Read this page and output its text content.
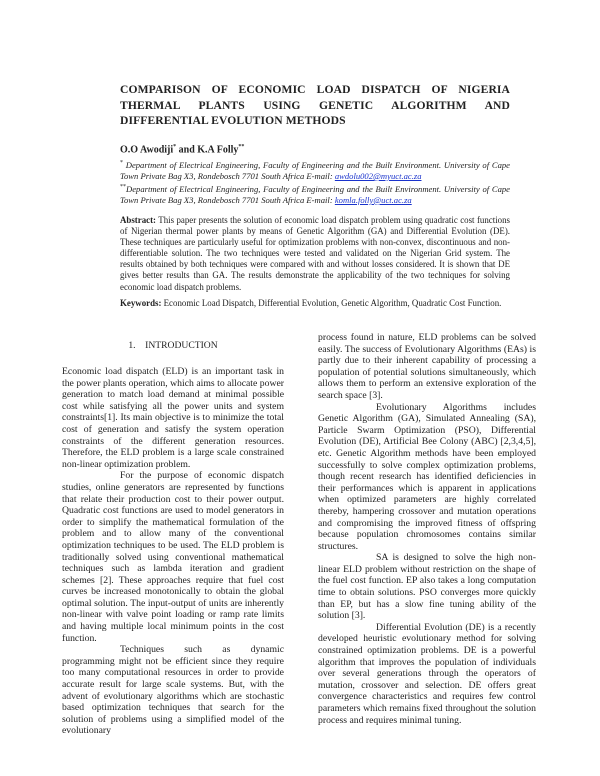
COMPARISON OF ECONOMIC LOAD DISPATCH OF NIGERIA THERMAL PLANTS USING GENETIC ALGORITHM AND DIFFERENTIAL EVOLUTION METHODS
O.O Awodiji* and K.A Folly**
* Department of Electrical Engineering, Faculty of Engineering and the Built Environment. University of Cape Town Private Bag X3, Rondebosch 7701 South Africa E-mail: awdolu002@myuct.ac.za
**Department of Electrical Engineering, Faculty of Engineering and the Built Environment. University of Cape Town Private Bag X3, Rondebosch 7701 South Africa E-mail: komla.folly@uct.ac.za
Abstract: This paper presents the solution of economic load dispatch problem using quadratic cost functions of Nigerian thermal power plants by means of Genetic Algorithm (GA) and Differential Evolution (DE). These techniques are particularly useful for optimization problems with non-convex, discontinuous and non-differentiable solution. The two techniques were tested and validated on the Nigerian Grid system. The results obtained by both techniques were compared with and without losses considered. It is shown that DE gives better results than GA. The results demonstrate the applicability of the two techniques for solving economic load dispatch problems.
Keywords: Economic Load Dispatch, Differential Evolution, Genetic Algorithm, Quadratic Cost Function.
1.    INTRODUCTION

Economic load dispatch (ELD) is an important task in the power plants operation, which aims to allocate power generation to match load demand at minimal possible cost while satisfying all the power units and system constraints[1]. Its main objective is to minimize the total cost of generation and satisfy the system operation constraints of the different generation resources. Therefore, the ELD problem is a large scale constrained non-linear optimization problem.

For the purpose of economic dispatch studies, online generators are represented by functions that relate their production cost to their power output. Quadratic cost functions are used to model generators in order to simplify the mathematical formulation of the problem and to allow many of the conventional optimization techniques to be used. The ELD problem is traditionally solved using conventional mathematical techniques such as lambda iteration and gradient schemes [2]. These approaches require that fuel cost curves be increased monotonically to obtain the global optimal solution. The input-output of units are inherently non-linear with valve point loading or ramp rate limits and having multiple local minimum points in the cost function.

Techniques such as dynamic programming might not be efficient since they require too many computational resources in order to provide accurate result for large scale systems. But, with the advent of evolutionary algorithms which are stochastic based optimization techniques that search for the solution of problems using a simplified model of the evolutionary

process found in nature, ELD problems can be solved easily. The success of Evolutionary Algorithms (EAs) is partly due to their inherent capability of processing a population of potential solutions simultaneously, which allows them to perform an extensive exploration of the search space [3].

Evolutionary Algorithms includes Genetic Algorithm (GA), Simulated Annealing (SA), Particle Swarm Optimization (PSO), Differential Evolution (DE), Artificial Bee Colony (ABC) [2,3,4,5], etc. Genetic Algorithm methods have been employed successfully to solve complex optimization problems, though recent research has identified deficiencies in their performances which is apparent in applications when optimized parameters are highly correlated thereby, hampering crossover and mutation operations and compromising the improved fitness of offspring because population chromosomes contains similar structures.

SA is designed to solve the high non-linear ELD problem without restriction on the shape of the fuel cost function. EP also takes a long computation time to obtain solutions. PSO converges more quickly than EP, but has a slow fine tuning ability of the solution [3].

Differential Evolution (DE) is a recently developed heuristic evolutionary method for solving constrained optimization problems. DE is a powerful algorithm that improves the population of individuals over several generations through the operators of mutation, crossover and selection. DE offers great convergence characteristics and requires few control parameters which remains fixed throughout the solution process and requires minimal tuning.
